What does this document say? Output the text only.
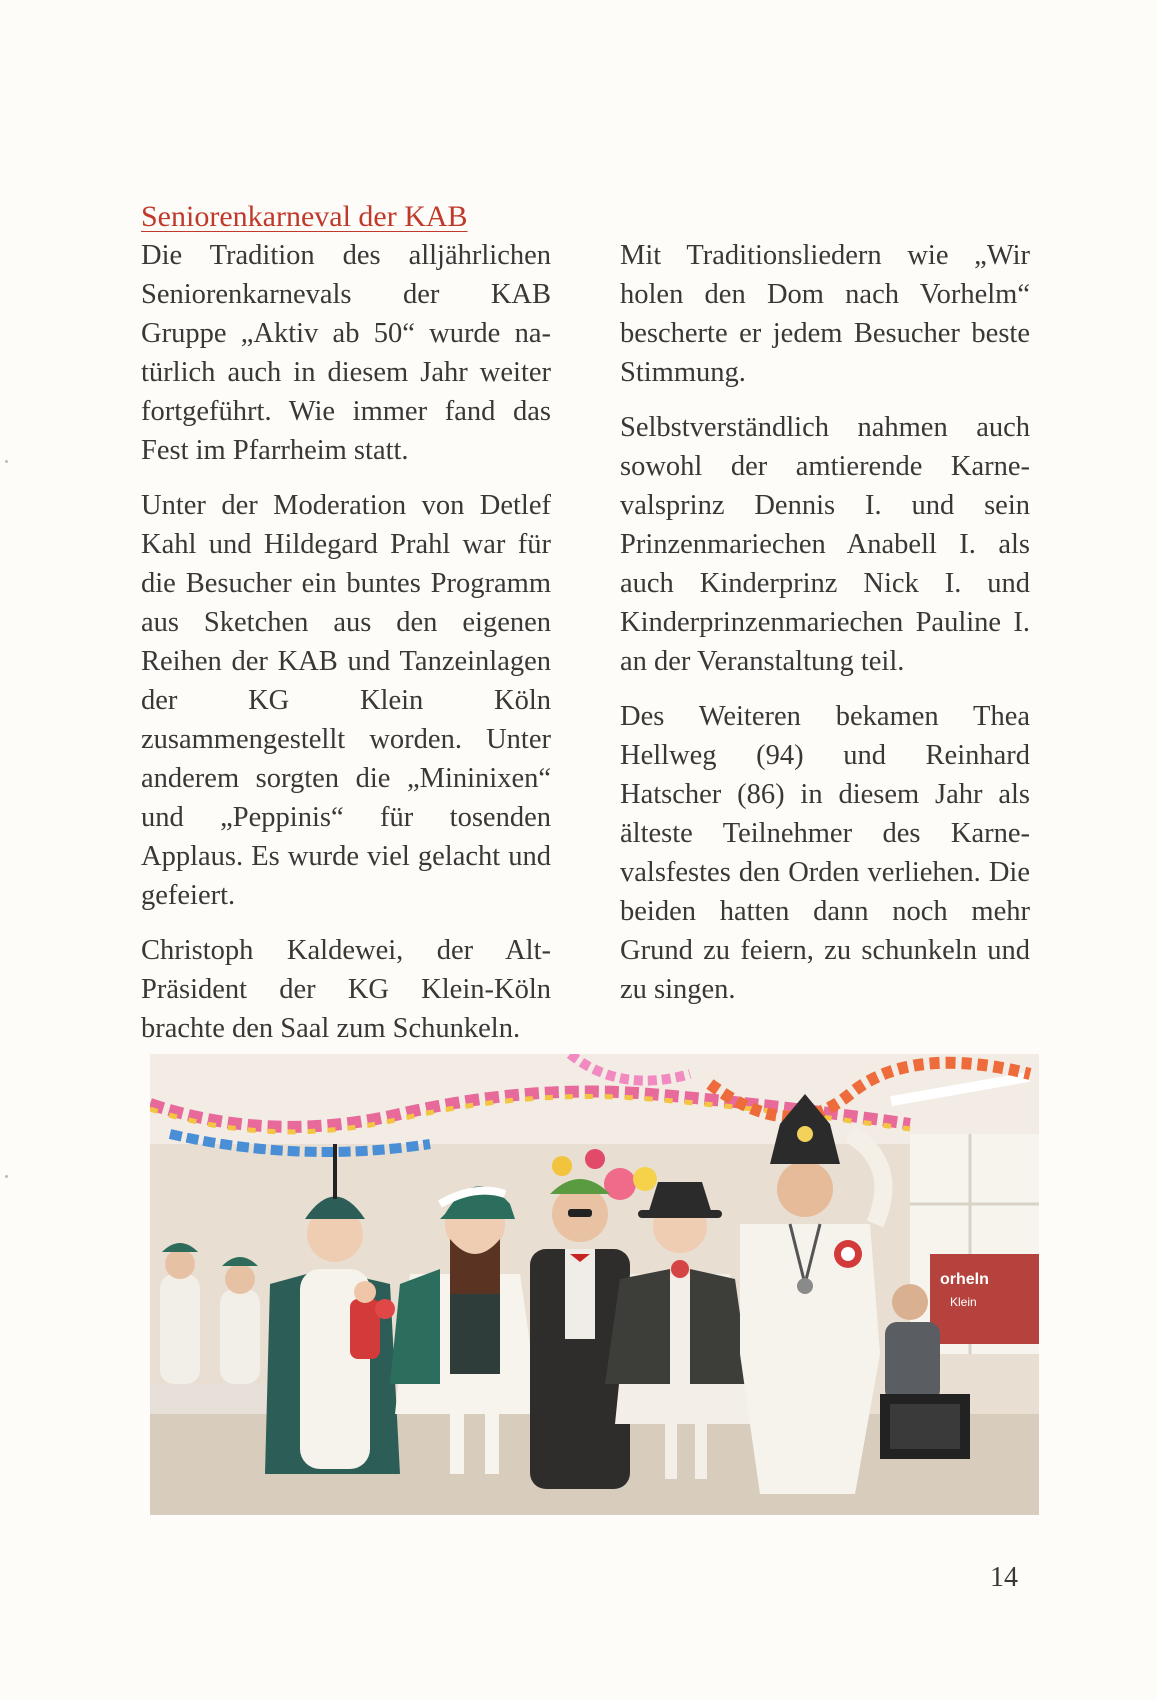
Seniorenkarneval der KAB

Die Tradition des alljährlichen Seniorenkarnevals der KAB Gruppe „Aktiv ab 50“ wurde natürlich auch in diesem Jahr weiter fortgeführt. Wie immer fand das Fest im Pfarrheim statt.

Unter der Moderation von Detlef Kahl und Hildegard Prahl war für die Besucher ein buntes Programm aus Sketchen aus den eigenen Reihen der KAB und Tanzeinlagen der KG Klein Köln zusammengestellt worden. Unter anderem sorgten die „Mininixen“ und „Peppinis“ für tosenden Applaus. Es wurde viel gelacht und gefeiert.

Christoph Kaldewei, der Alt-Präsident der KG Klein-Köln brachte den Saal zum Schunkeln.

Mit Traditionsliedern wie „Wir holen den Dom nach Vorhelm“ bescherte er jedem Besucher beste Stimmung.

Selbstverständlich nahmen auch sowohl der amtierende Karnevalsprinz Dennis I. und sein Prinzenmariechen Anabell I. als auch Kinderprinz Nick I. und Kinderprinzenmariechen Pauline I. an der Veranstaltung teil.

Des Weiteren bekamen Thea Hellweg (94) und Reinhard Hatscher (86) in diesem Jahr als älteste Teilnehmer des Karnevalsfestes den Orden verliehen. Die beiden hatten dann noch mehr Grund zu feiern, zu schunkeln und zu singen.

orheln
Klein
14
